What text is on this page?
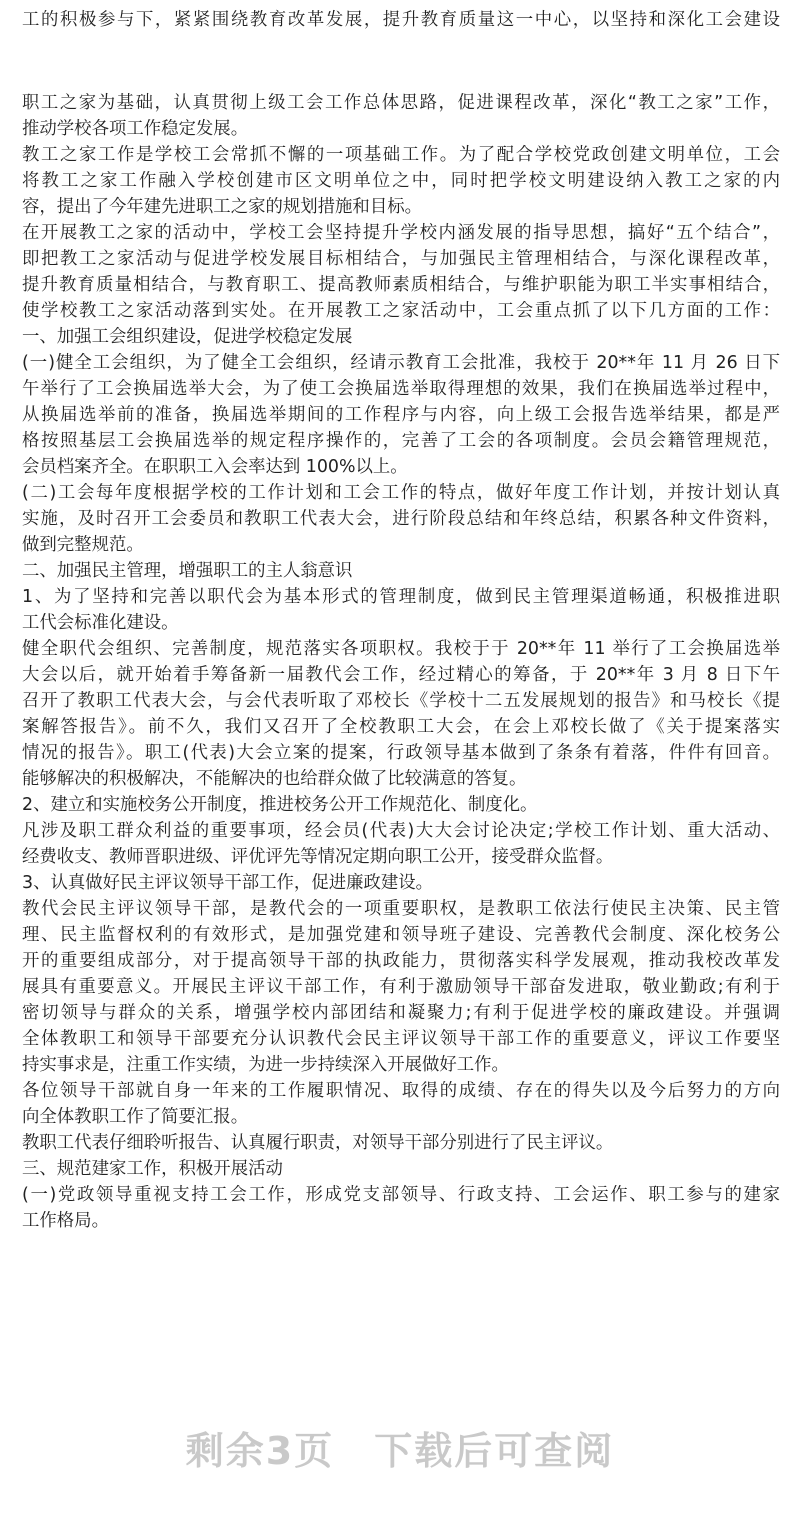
工的积极参与下，紧紧围绕教育改革发展，提升教育质量这一中心，以坚持和深化工会建设
职工之家为基础，认真贯彻上级工会工作总体思路，促进课程改革，深化“教工之家”工作，
推动学校各项工作稳定发展。
教工之家工作是学校工会常抓不懈的一项基础工作。为了配合学校党政创建文明单位，工会
将教工之家工作融入学校创建市区文明单位之中，同时把学校文明建设纳入教工之家的内
容，提出了今年建先进职工之家的规划措施和目标。
在开展教工之家的活动中，学校工会坚持提升学校内涵发展的指导思想，搞好“五个结合”，
即把教工之家活动与促进学校发展目标相结合，与加强民主管理相结合，与深化课程改革，
提升教育质量相结合，与教育职工、提高教师素质相结合，与维护职能为职工半实事相结合，
使学校教工之家活动落到实处。在开展教工之家活动中，工会重点抓了以下几方面的工作：
一、加强工会组织建设，促进学校稳定发展
(一)健全工会组织，为了健全工会组织，经请示教育工会批准，我校于 20**年 11 月 26 日下
午举行了工会换届选举大会，为了使工会换届选举取得理想的效果，我们在换届选举过程中，
从换届选举前的准备，换届选举期间的工作程序与内容，向上级工会报告选举结果，都是严
格按照基层工会换届选举的规定程序操作的，完善了工会的各项制度。会员会籍管理规范，
会员档案齐全。在职职工入会率达到 100%以上。
(二)工会每年度根据学校的工作计划和工会工作的特点，做好年度工作计划，并按计划认真
实施，及时召开工会委员和教职工代表大会，进行阶段总结和年终总结，积累各种文件资料，
做到完整规范。
二、加强民主管理，增强职工的主人翁意识
1、为了坚持和完善以职代会为基本形式的管理制度，做到民主管理渠道畅通，积极推进职
工代会标准化建设。
健全职代会组织、完善制度，规范落实各项职权。我校于于 20**年 11 举行了工会换届选举
大会以后，就开始着手筹备新一届教代会工作，经过精心的筹备，于 20**年 3 月 8 日下午
召开了教职工代表大会，与会代表听取了邓校长《学校十二五发展规划的报告》和马校长《提
案解答报告》。前不久，我们又召开了全校教职工大会，在会上邓校长做了《关于提案落实
情况的报告》。职工(代表)大会立案的提案，行政领导基本做到了条条有着落，件件有回音。
能够解决的积极解决，不能解决的也给群众做了比较满意的答复。
2、建立和实施校务公开制度，推进校务公开工作规范化、制度化。
凡涉及职工群众利益的重要事项，经会员(代表)大大会讨论决定;学校工作计划、重大活动、
经费收支、教师晋职进级、评优评先等情况定期向职工公开，接受群众监督。
3、认真做好民主评议领导干部工作，促进廉政建设。
教代会民主评议领导干部，是教代会的一项重要职权，是教职工依法行使民主决策、民主管
理、民主监督权利的有效形式，是加强党建和领导班子建设、完善教代会制度、深化校务公
开的重要组成部分，对于提高领导干部的执政能力，贯彻落实科学发展观，推动我校改革发
展具有重要意义。开展民主评议干部工作，有利于激励领导干部奋发进取，敬业勤政;有利于
密切领导与群众的关系，增强学校内部团结和凝聚力;有利于促进学校的廉政建设。并强调
全体教职工和领导干部要充分认识教代会民主评议领导干部工作的重要意义，评议工作要坚
持实事求是，注重工作实绩，为进一步持续深入开展做好工作。
各位领导干部就自身一年来的工作履职情况、取得的成绩、存在的得失以及今后努力的方向
向全体教职工作了简要汇报。
教职工代表仔细聆听报告、认真履行职责，对领导干部分别进行了民主评议。
三、规范建家工作，积极开展活动
(一)党政领导重视支持工会工作，形成党支部领导、行政支持、工会运作、职工参与的建家
工作格局。
剩余3页 下载后可查阅
